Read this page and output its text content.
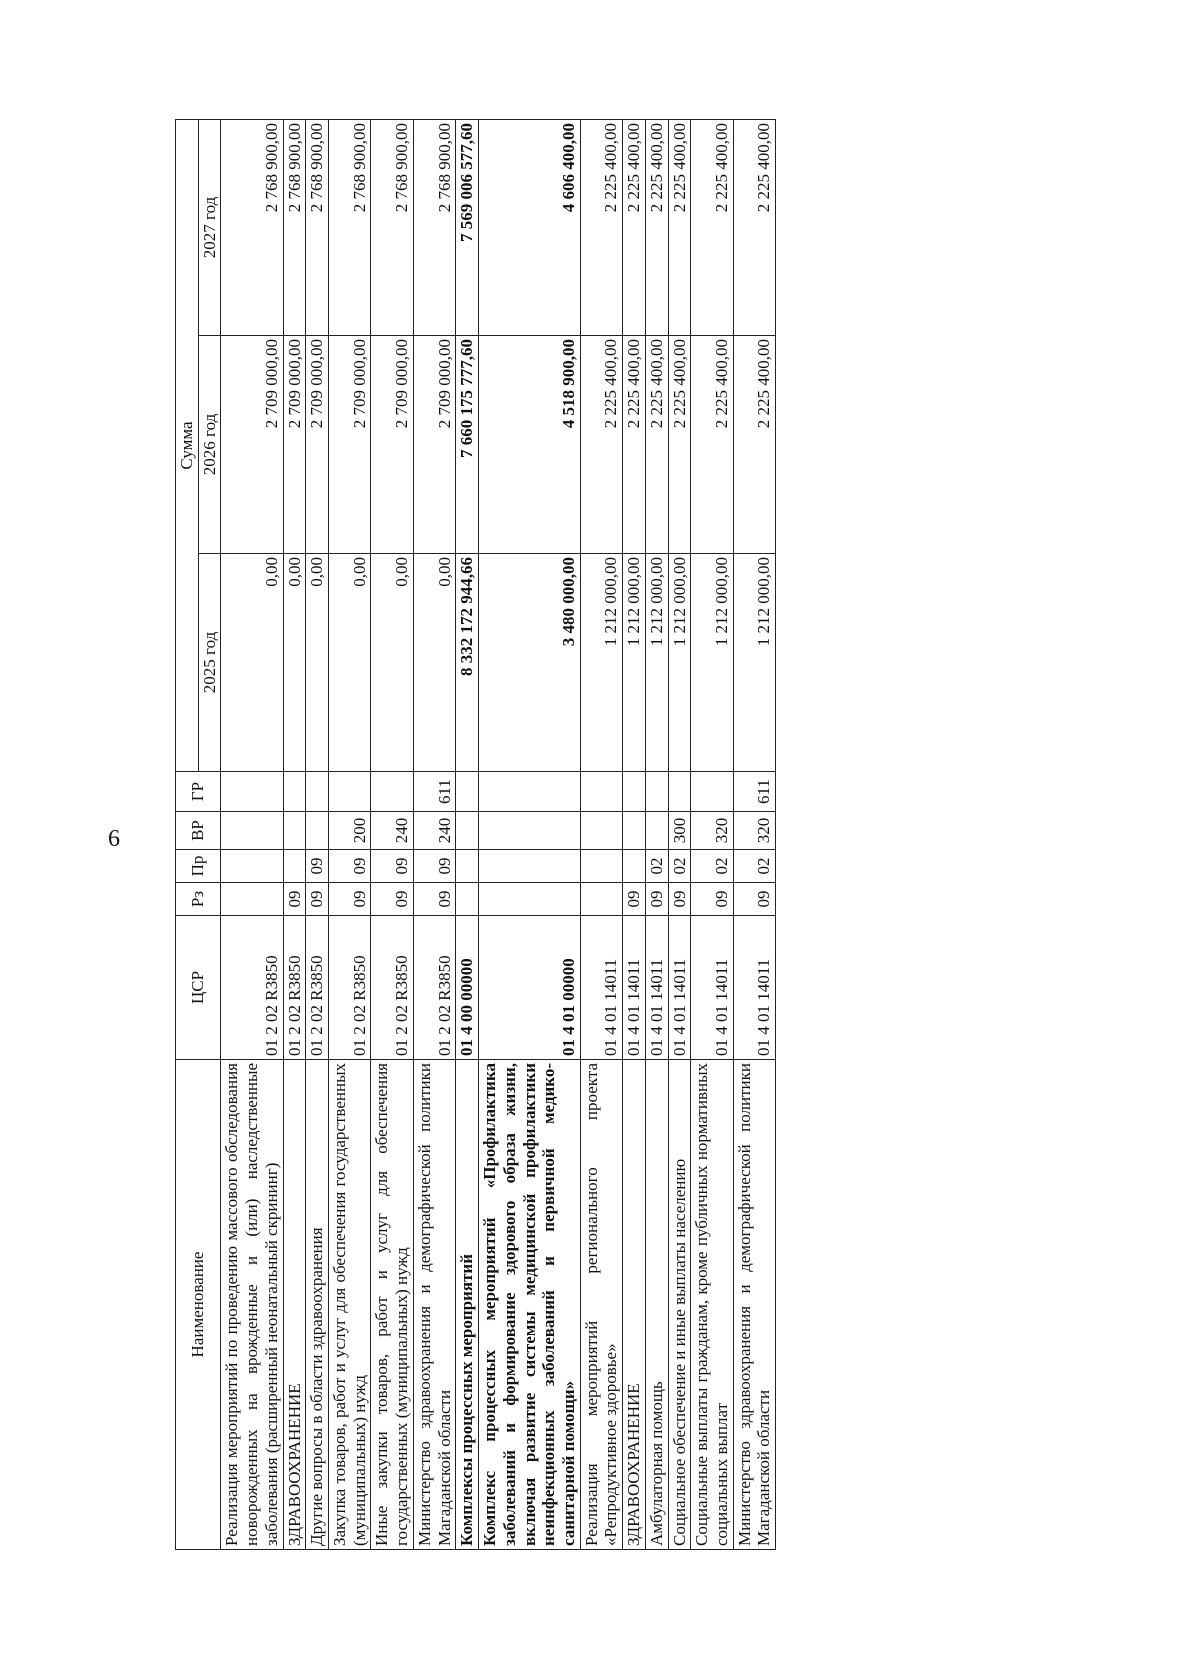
6
Наименование	ЦСР	Рз	Пр	ВР	ГР	Сумма		
						2025 год	2026 год	2027 год
Реализация мероприятий по проведению массового обследования новорожденных на врожденные и (или) наследственные заболевания (расширенный неонатальный скрининг)	01 2 02 R3850					0,00	2 709 000,00	2 768 900,00
ЗДРАВООХРАНЕНИЕ	01 2 02 R3850	09				0,00	2 709 000,00	2 768 900,00
Другие вопросы в области здравоохранения	01 2 02 R3850	09	09			0,00	2 709 000,00	2 768 900,00
Закупка товаров, работ и услуг для обеспечения государственных (муниципальных) нужд	01 2 02 R3850	09	09	200		0,00	2 709 000,00	2 768 900,00
Иные закупки товаров, работ и услуг для обеспечения государственных (муниципальных) нужд	01 2 02 R3850	09	09	240		0,00	2 709 000,00	2 768 900,00
Министерство здравоохранения и демографической политики Магаданской области	01 2 02 R3850	09	09	240	611	0,00	2 709 000,00	2 768 900,00
Комплексы процессных мероприятий	01 4 00 00000					8 332 172 944,66	7 660 175 777,60	7 569 006 577,60
Комплекс процессных мероприятий «Профилактика заболеваний и формирование здорового образа жизни, включая развитие системы медицинской профилактики неинфекционных заболеваний и первичной медико-санитарной помощи»	01 4 01 00000					3 480 000,00	4 518 900,00	4 606 400,00
Реализация мероприятий регионального проекта «Репродуктивное здоровье»	01 4 01 14011					1 212 000,00	2 225 400,00	2 225 400,00
ЗДРАВООХРАНЕНИЕ	01 4 01 14011	09				1 212 000,00	2 225 400,00	2 225 400,00
Амбулаторная помощь	01 4 01 14011	09	02			1 212 000,00	2 225 400,00	2 225 400,00
Социальное обеспечение и иные выплаты населению	01 4 01 14011	09	02	300		1 212 000,00	2 225 400,00	2 225 400,00
Социальные выплаты гражданам, кроме публичных нормативных социальных выплат	01 4 01 14011	09	02	320		1 212 000,00	2 225 400,00	2 225 400,00
Министерство здравоохранения и демографической политики Магаданской области	01 4 01 14011	09	02	320	611	1 212 000,00	2 225 400,00	2 225 400,00
